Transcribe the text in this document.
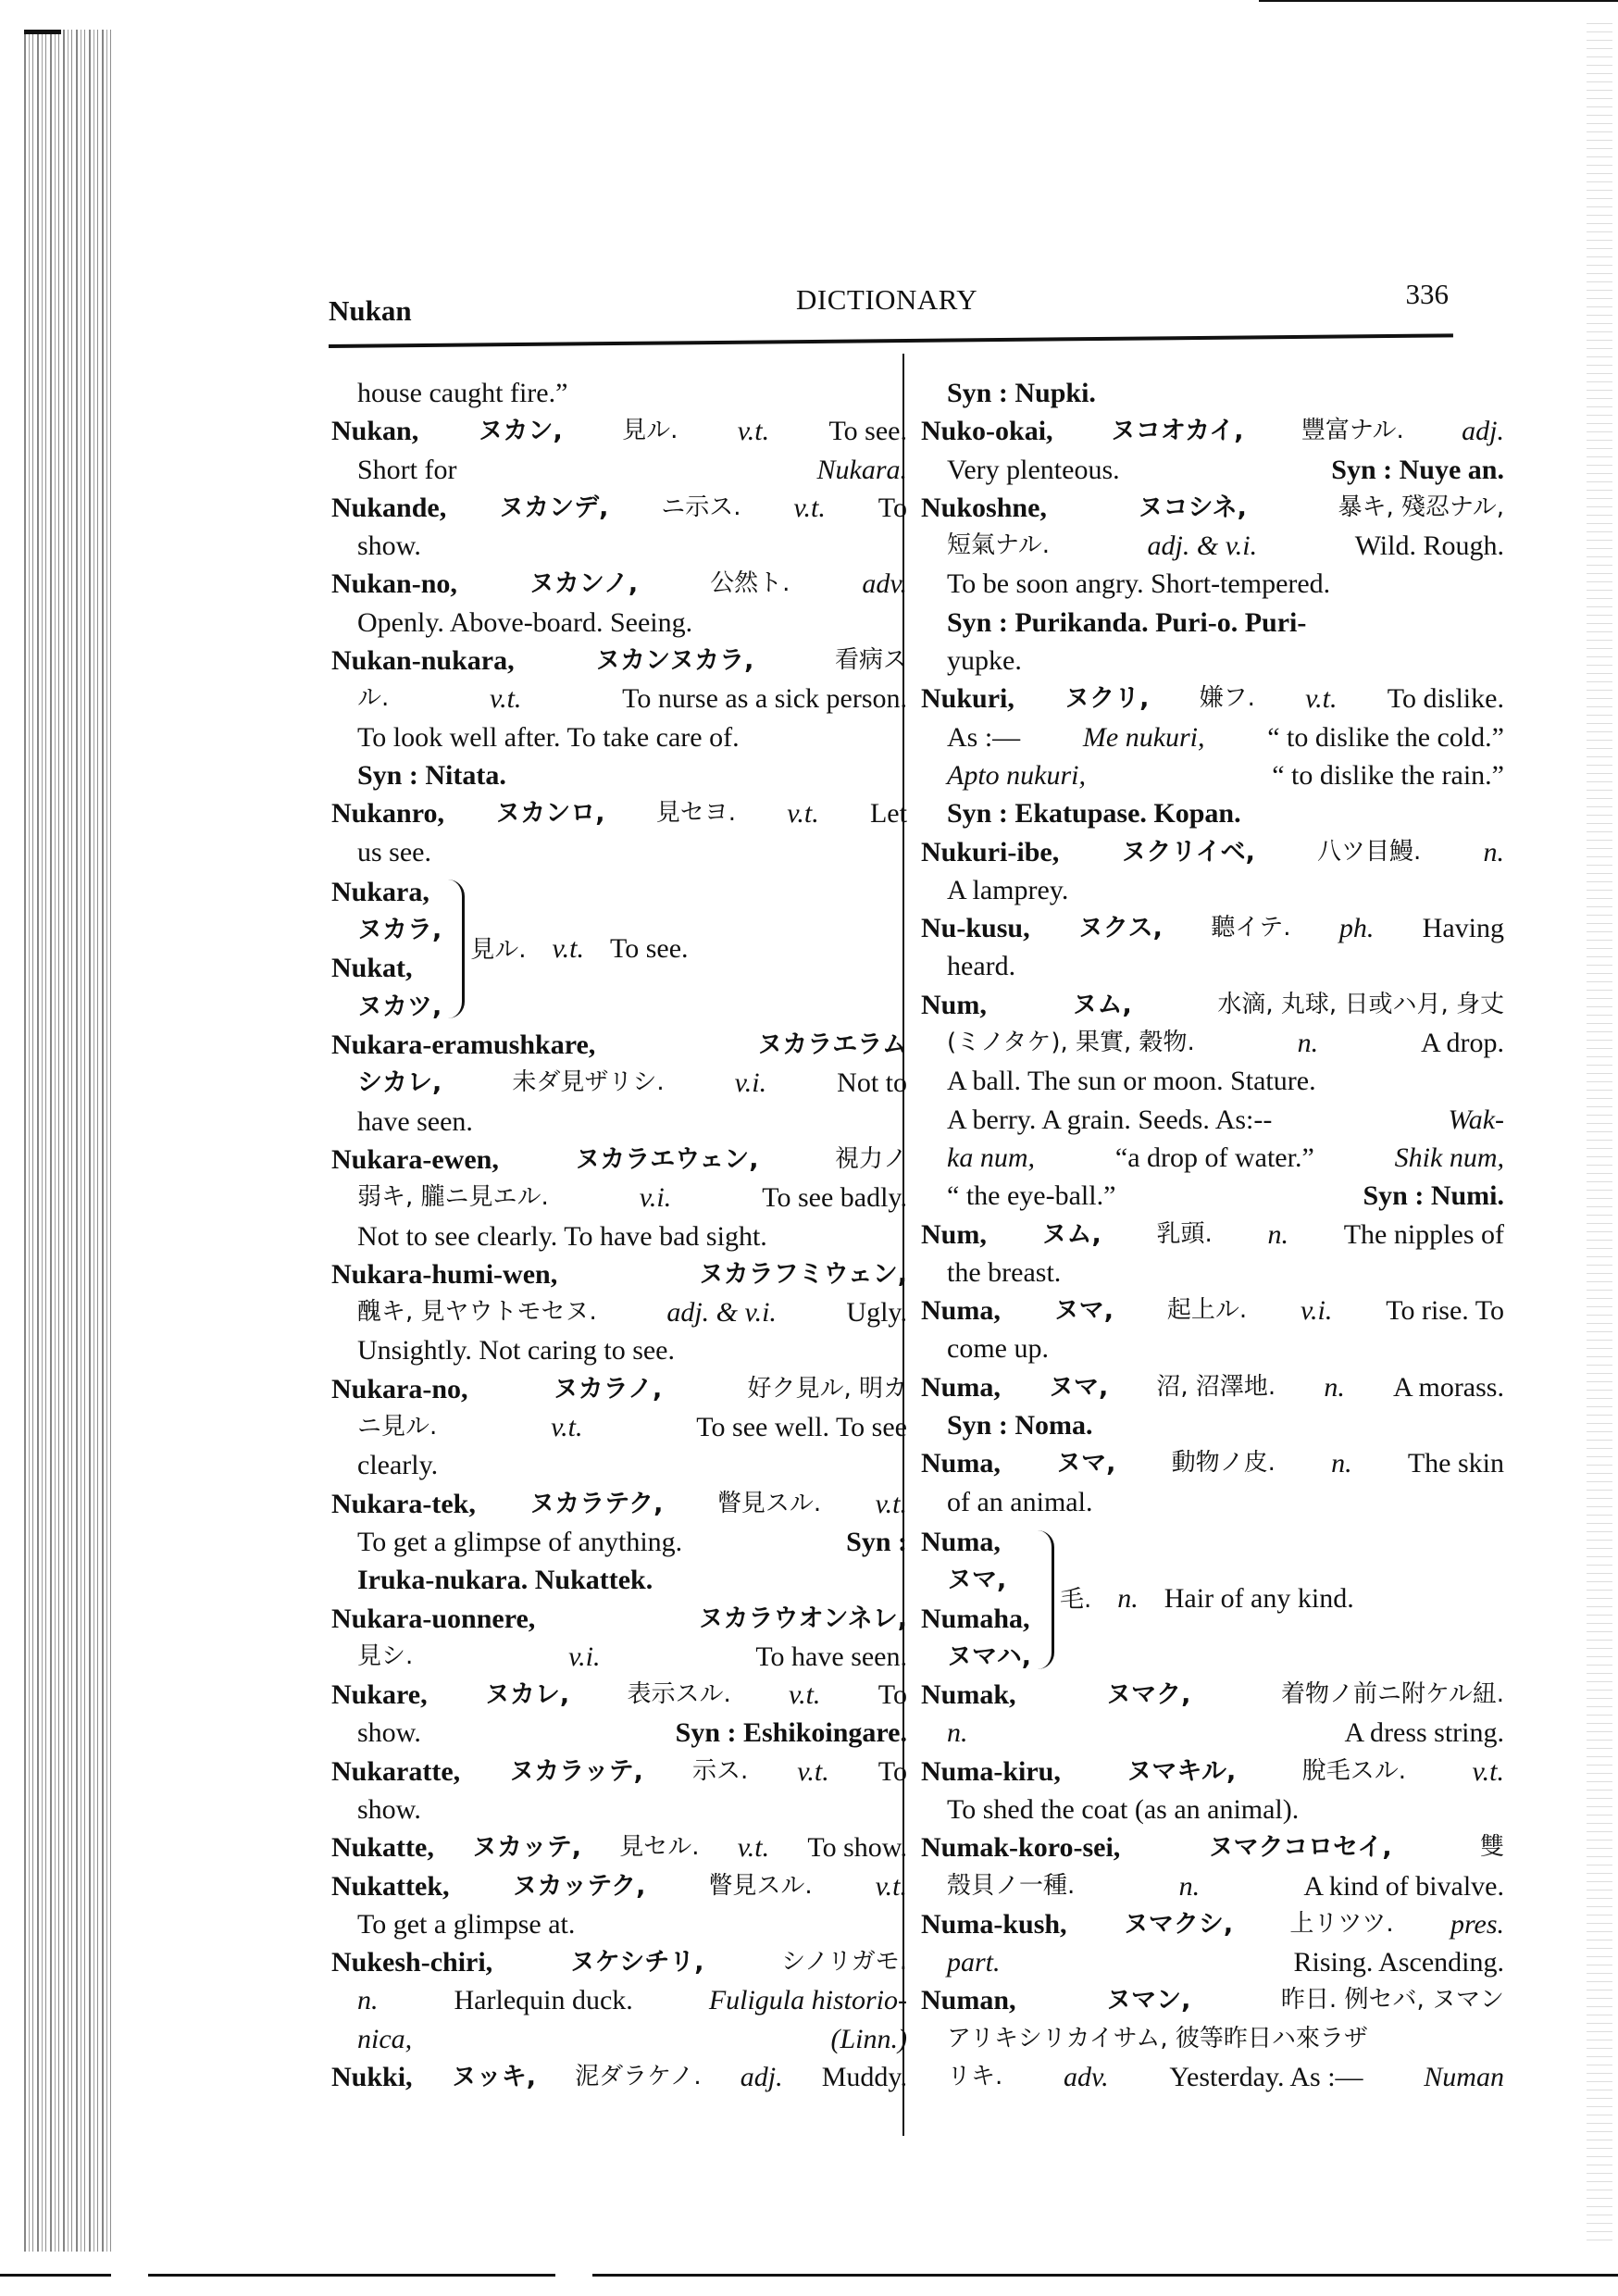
Nukan	DICTIONARY	336
house caught fire.”
Nukan, ヌカン, 見ル. v.t. To see.
Short for	Nukara.
Nukande, ヌカンデ, ニ示ス. v.t. To
show.
Nukan-no,	ヌカンノ,	公然ト.	adv.
Openly. Above-board. Seeing.
Nukan-nukara,	ヌカンヌカラ,	看病ス
ル.	v.t.	To nurse as a sick person.
To look well after. To take care of.
Syn : Nitata.
Nukanro, ヌカンロ, 見セヨ. v.t. Let
us see.
Nukara,
ヌカラ,
Nukat,
ヌカツ,
見ル. v.t. To see.
Nukara-eramushkare,	ヌカラエラム
シカレ,	未ダ見ザリシ.	v.i.	Not to
have seen.
Nukara-ewen,	ヌカラエウェン,	視力ノ
弱キ, 朧ニ見エル.	v.i.	To see badly.
Not to see clearly. To have bad sight.
Nukara-humi-wen,	ヌカラフミウェン,
醜キ, 見ヤウトモセヌ.	adj. & v.i.	Ugly.
Unsightly. Not caring to see.
Nukara-no,	ヌカラノ,	好ク見ル, 明カ
ニ見ル.	v.t.	To see well. To see
clearly.
Nukara-tek, ヌカラテク, 瞥見スル. v.t.
To get a glimpse of anything.	Syn :
Iruka-nukara. Nukattek.
Nukara-uonnere,	ヌカラウオンネレ,
見シ.	v.i.	To have seen.
Nukare, ヌカレ, 表示スル. v.t. To
show.	Syn : Eshikoingare.
Nukaratte, ヌカラッテ, 示ス. v.t. To
show.
Nukatte, ヌカッテ, 見セル. v.t. To show.
Nukattek,	ヌカッテク,	瞥見スル. v.t.
To get a glimpse at.
Nukesh-chiri,	ヌケシチリ,	シノリガモ.
n.	Harlequin duck.	Fuligula historio-
nica,	(Linn.)
Nukki, ヌッキ, 泥ダラケノ. adj. Muddy.
Syn : Nupki.
Nuko-okai, ヌコオカイ, 豐富ナル. adj.
Very plenteous.	Syn : Nuye an.
Nukoshne,	ヌコシネ,	暴キ, 殘忍ナル,
短氣ナル.	adj. & v.i.	Wild. Rough.
To be soon angry. Short-tempered.
Syn : Purikanda. Puri-o. Puri-
yupke.
Nukuri, ヌクリ, 嫌フ. v.t. To dislike.
As :— Me nukuri, “ to dislike the cold.”
Apto nukuri,	“ to dislike the rain.”
Syn : Ekatupase. Kopan.
Nukuri-ibe, ヌクリイベ,	八ツ目鰻. n.
A lamprey.
Nu-kusu, ヌクス, 聽イテ. ph. Having
heard.
Num,	ヌム,	水滴, 丸球, 日或ハ月, 身丈
(ミノタケ), 果實, 穀物.	n.	A drop.
A ball. The sun or moon. Stature.
A berry. A grain. Seeds. As:--	Wak-
ka num,	“a drop of water.”	Shik num,
“ the eye-ball.”	Syn : Numi.
Num, ヌム, 乳頭. n. The nipples of
the breast.
Numa, ヌマ, 起上ル. v.i. To rise. To
come up.
Numa, ヌマ, 沼, 沼澤地. n. A morass.
Syn : Noma.
Numa, ヌマ, 動物ノ皮. n. The skin
of an animal.
Numa,
ヌマ,
Numaha,
ヌマハ,
毛. n. Hair of any kind.
Numak,	ヌマク,	着物ノ前ニ附ケル紐.
n.	A dress string.
Numa-kiru,	ヌマキル,	脫毛スル. v.t.
To shed the coat (as an animal).
Numak-koro-sei,	ヌマクコロセイ,	雙
殼貝ノ一種.	n.	A kind of bivalve.
Numa-kush, ヌマクシ, 上リツツ. pres.
part.	Rising. Ascending.
Numan,	ヌマン,	昨日. 例セバ, ヌマン
アリキシリカイサム, 彼等昨日ハ來ラザ
リキ. adv. Yesterday. As :— Numan
